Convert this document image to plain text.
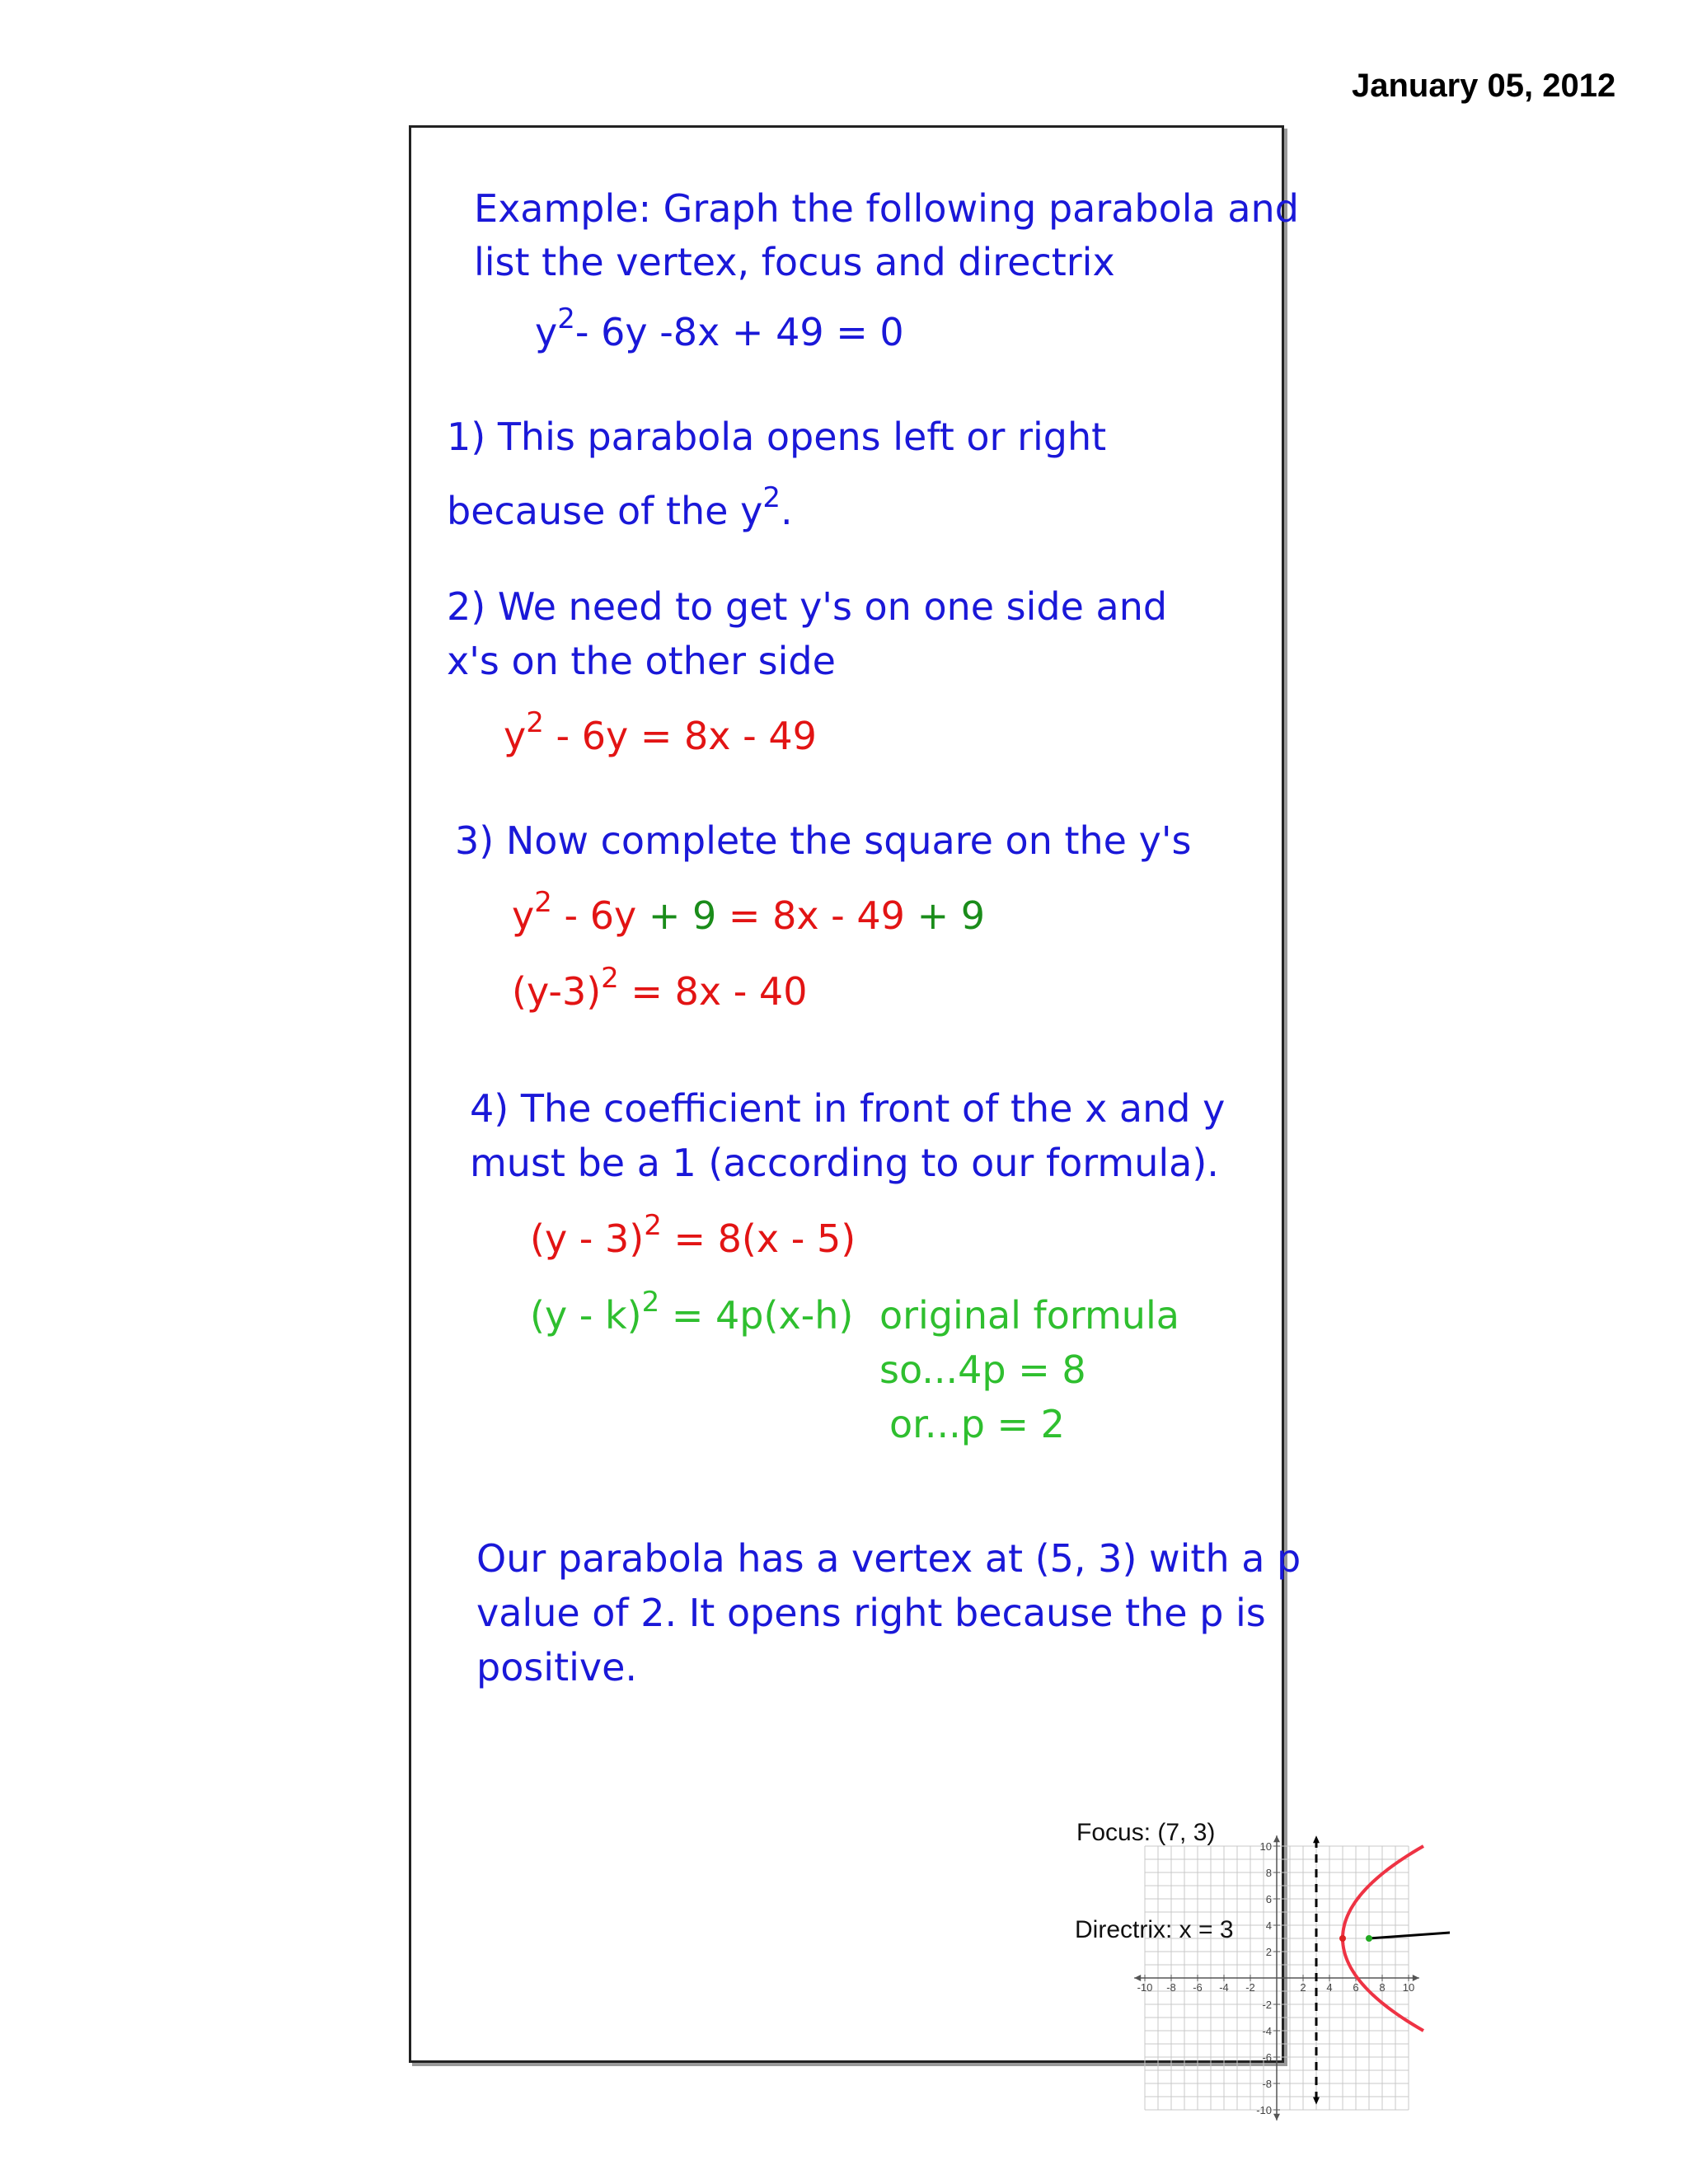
January 05, 2012
Example: Graph the following parabola and
list the vertex, focus and directrix
$y^2-$ 6y -8x + 49 = 0
1) This parabola opens left or right
because of the $y^2$.
2) We need to get y's on one side and
x's on the other side
$y^2 - 6y = 8x - 49$
3) Now complete the square on the y's
$y^2 - 6y + 9 = 8x - 49 + 9$
$(y-3)^2 = 8x - 40$
4) The coefficient in front of the x and y
must be a 1 (according to our formula).
(y - 3)$^2$ = 8(x - 5)
(y - k)$^2$ = 4p(x-h) original formula
so...4p = 8
or...p = 2
Our parabola has a vertex at (5, 3) with a p
value of 2. It opens right because the p is
positive.
-10 -8 -6 -4 -2	2 4 6 8 10
10
8
6
4
2
-2
-4
-6
-8
-10
Focus: (7, 3)
Directrix: x = 3
